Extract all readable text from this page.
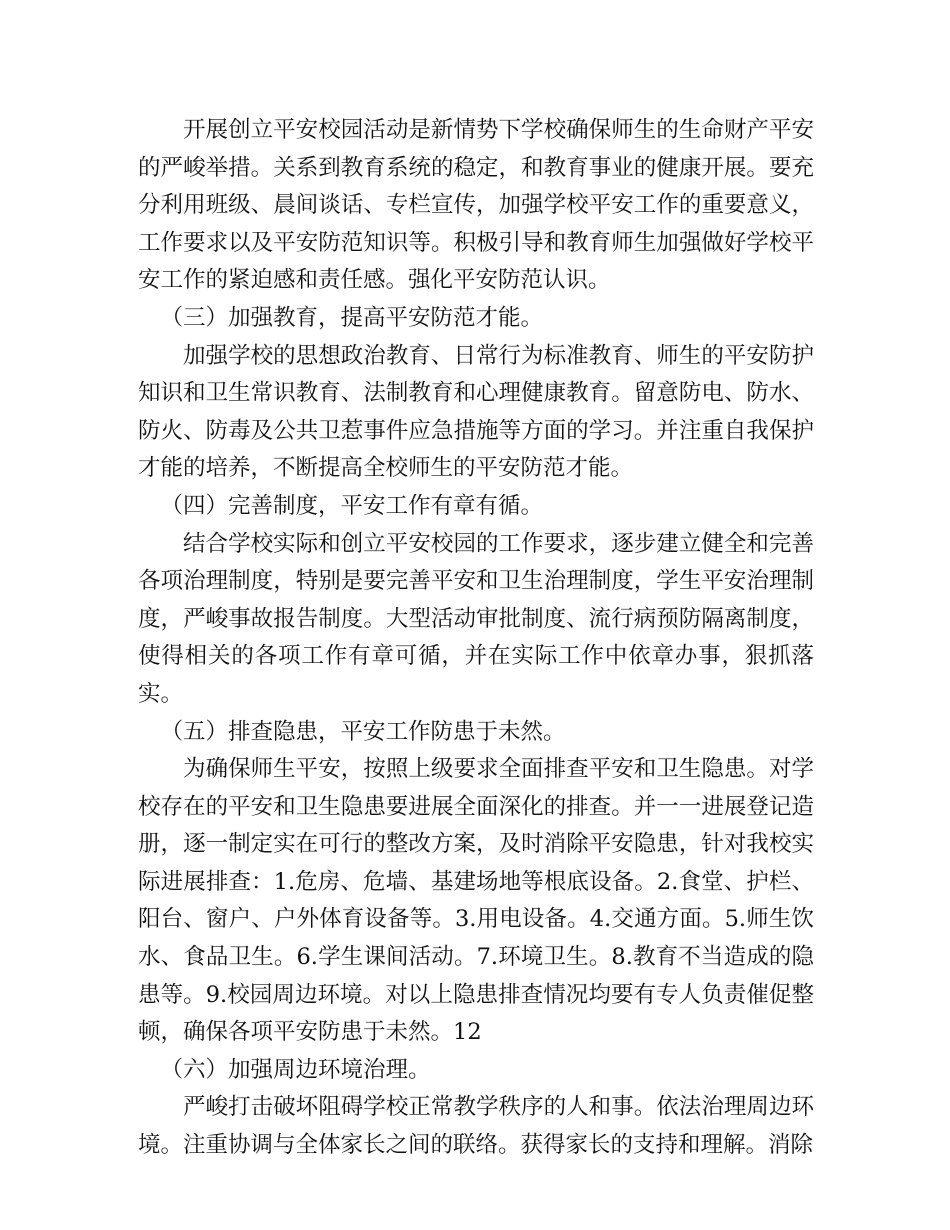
开展创立平安校园活动是新情势下学校确保师生的生命财产平安的严峻举措。关系到教育系统的稳定，和教育事业的健康开展。要充分利用班级、晨间谈话、专栏宣传，加强学校平安工作的重要意义，工作要求以及平安防范知识等。积极引导和教育师生加强做好学校平安工作的紧迫感和责任感。强化平安防范认识。

（三）加强教育，提高平安防范才能。

加强学校的思想政治教育、日常行为标准教育、师生的平安防护知识和卫生常识教育、法制教育和心理健康教育。留意防电、防水、防火、防毒及公共卫惹事件应急措施等方面的学习。并注重自我保护才能的培养，不断提高全校师生的平安防范才能。

（四）完善制度，平安工作有章有循。

结合学校实际和创立平安校园的工作要求，逐步建立健全和完善各项治理制度，特别是要完善平安和卫生治理制度，学生平安治理制度，严峻事故报告制度。大型活动审批制度、流行病预防隔离制度，使得相关的各项工作有章可循，并在实际工作中依章办事，狠抓落实。

（五）排查隐患，平安工作防患于未然。

为确保师生平安，按照上级要求全面排查平安和卫生隐患。对学校存在的平安和卫生隐患要进展全面深化的排查。并一一进展登记造册，逐一制定实在可行的整改方案，及时消除平安隐患，针对我校实际进展排查：1.危房、危墙、基建场地等根底设备。2.食堂、护栏、阳台、窗户、户外体育设备等。3.用电设备。4.交通方面。5.师生饮水、食品卫生。6.学生课间活动。7.环境卫生。8.教育不当造成的隐患等。9.校园周边环境。对以上隐患排查情况均要有专人负责催促整顿，确保各项平安防患于未然。12

（六）加强周边环境治理。

严峻打击破坏阻碍学校正常教学秩序的人和事。依法治理周边环境。注重协调与全体家长之间的联络。获得家长的支持和理解。消除
